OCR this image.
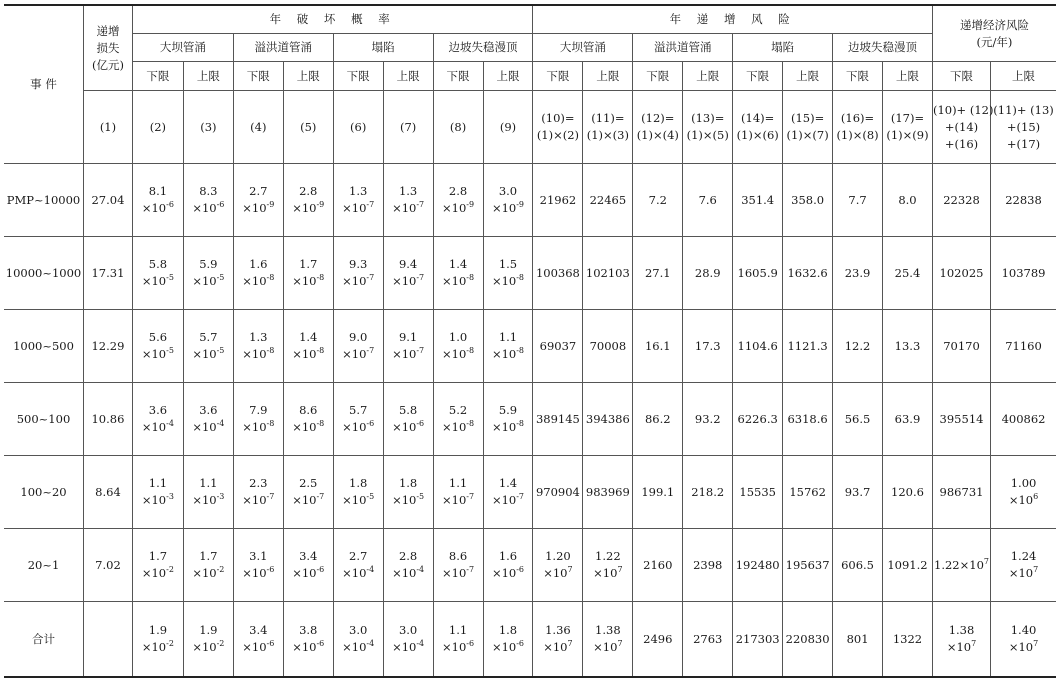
事 件	递增
损失
(亿元)	年 破 坏 概 率								年 递 增 风 险								递增经济风险
(元/年)	

		大坝管涌		溢洪道管涌		塌陷		边坡失稳漫顶		大坝管涌		溢洪道管涌		塌陷		边坡失稳漫顶			
		下限	上限	下限	上限	下限	上限	下限	上限	下限	上限	下限	上限	下限	上限	下限	上限	下限	上限

	(1)	(2)	(3)	(4)	(5)	(6)	(7)	(8)	(9)	(10)=
(1)×(2)	(11)=
(1)×(3)	(12)=
(1)×(4)	(13)=
(1)×(5)	(14)=
(1)×(6)	(15)=
(1)×(7)	(16)=
(1)×(8)	(17)=
(1)×(9)	(10)+ (12)
+(14)
+(16)	(11)+ (13)
+(15)
+(17)

PMP~10000	27.04	8.1
$\times 10^{-6}$	8.3
$\times 10^{-6}$	2.7
$\times 10^{-9}$	2.8
$\times 10^{-9}$	1.3
$\times 10^{-7}$	1.3
$\times 10^{-7}$	2.8
$\times 10^{-9}$	3.0
$\times 10^{-9}$	21962	22465	7.2	7.6	351.4	358.0	7.7	8.0	22328	22838

10000~1000	17.31	5.8
$\times 10^{-5}$	5.9
$\times 10^{-5}$	1.6
$\times 10^{-8}$	1.7
$\times 10^{-8}$	9.3
$\times 10^{-7}$	9.4
$\times 10^{-7}$	1.4
$\times 10^{-8}$	1.5
$\times 10^{-8}$	100368	102103	27.1	28.9	1605.9	1632.6	23.9	25.4	102025	103789

1000~500	12.29	5.6
$\times 10^{-5}$	5.7
$\times 10^{-5}$	1.3
$\times 10^{-8}$	1.4
$\times 10^{-8}$	9.0
$\times 10^{-7}$	9.1
$\times 10^{-7}$	1.0
$\times 10^{-8}$	1.1
$\times 10^{-8}$	69037	70008	16.1	17.3	1104.6	1121.3	12.2	13.3	70170	71160

500~100	10.86	3.6
$\times 10^{-4}$	3.6
$\times 10^{-4}$	7.9
$\times 10^{-8}$	8.6
$\times 10^{-8}$	5.7
$\times 10^{-6}$	5.8
$\times 10^{-6}$	5.2
$\times 10^{-8}$	5.9
$\times 10^{-8}$	389145	394386	86.2	93.2	6226.3	6318.6	56.5	63.9	395514	400862

100~20	8.64	1.1
$\times 10^{-3}$	1.1
$\times 10^{-3}$	2.3
$\times 10^{-7}$	2.5
$\times 10^{-7}$	1.8
$\times 10^{-5}$	1.8
$\times 10^{-5}$	1.1
$\times 10^{-7}$	1.4
$\times 10^{-7}$	970904	983969	199.1	218.2	15535	15762	93.7	120.6	986731	1.00
$\times 10^6$

20~1	7.02	1.7
$\times 10^{-2}$	1.7
$\times 10^{-2}$	3.1
$\times 10^{-6}$	3.4
$\times 10^{-6}$	2.7
$\times 10^{-4}$	2.8
$\times 10^{-4}$	8.6
$\times 10^{-7}$	1.6
$\times 10^{-6}$	1.20
$\times 10^7$	1.22
$\times 10^7$	2160	2398	192480	195637	606.5	1091.2	$1.22\times 10^7$	1.24
$\times 10^7$

合计		1.9
$\times 10^{-2}$	1.9
$\times 10^{-2}$	3.4
$\times 10^{-6}$	3.8
$\times 10^{-6}$	3.0
$\times 10^{-4}$	3.0
$\times 10^{-4}$	1.1
$\times 10^{-6}$	1.8
$\times 10^{-6}$	1.36
$\times 10^7$	1.38
$\times 10^7$	2496	2763	217303	220830	801	1322	1.38
$\times 10^7$	1.40
$\times 10^7$
